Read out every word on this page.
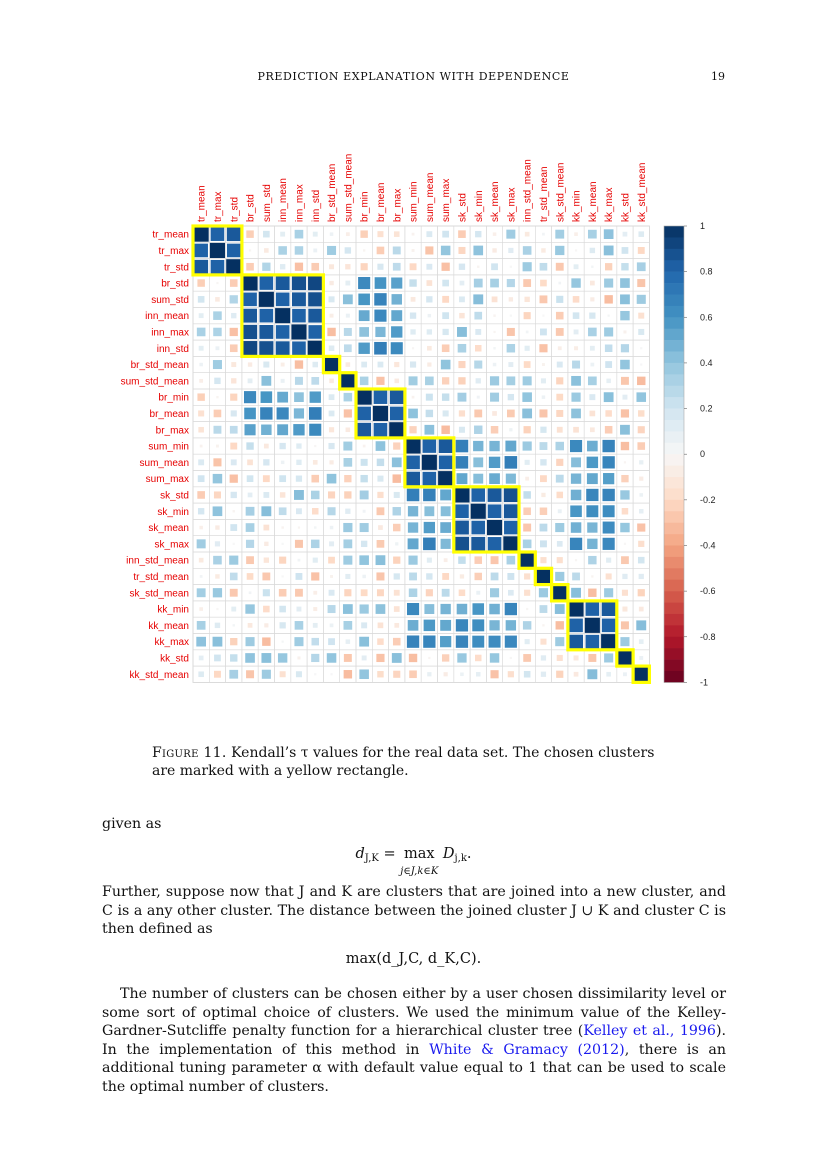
PREDICTION EXPLANATION WITH DEPENDENCE	19
tr_mean
tr_mean
tr_max
tr_max
tr_std
tr_std
br_std
br_std
sum_std
sum_std
inn_mean
inn_mean
inn_max
inn_max
inn_std
inn_std
br_std_mean
br_std_mean
sum_std_mean
sum_std_mean
br_min
br_min
br_mean
br_mean
br_max
br_max
sum_min
sum_min
sum_mean
sum_mean
sum_max
sum_max
sk_std
sk_std
sk_min
sk_min
sk_mean
sk_mean
sk_max
sk_max
inn_std_mean
inn_std_mean
tr_std_mean
tr_std_mean
sk_std_mean
sk_std_mean
kk_min
kk_min
kk_mean
kk_mean
kk_max
kk_max
kk_std
kk_std
kk_std_mean
kk_std_mean
1
0.8
0.6
0.4
0.2
0
-0.2
-0.4
-0.6
-0.8
-1
Figure 11. Kendall’s τ values for the real data set. The chosen clusters are marked with a yellow rectangle.
given as
$d_{J,K} = \max$
j∈J,k∈K $D_{j,k}$.
Further, suppose now that J and K are clusters that are joined into a new cluster, and C is a any other cluster. The distance between the joined cluster J ∪ K and cluster C is then defined as
max(d_J,C, d_K,C).
The number of clusters can be chosen either by a user chosen dissimilarity level or some sort of optimal choice of clusters. We used the minimum value of the Kelley-Gardner-Sutcliffe penalty function for a hierarchical cluster tree (Kelley et al., 1996). In the implementation of this method in White & Gramacy (2012), there is an additional tuning parameter α with default value equal to 1 that can be used to scale the optimal number of clusters.
